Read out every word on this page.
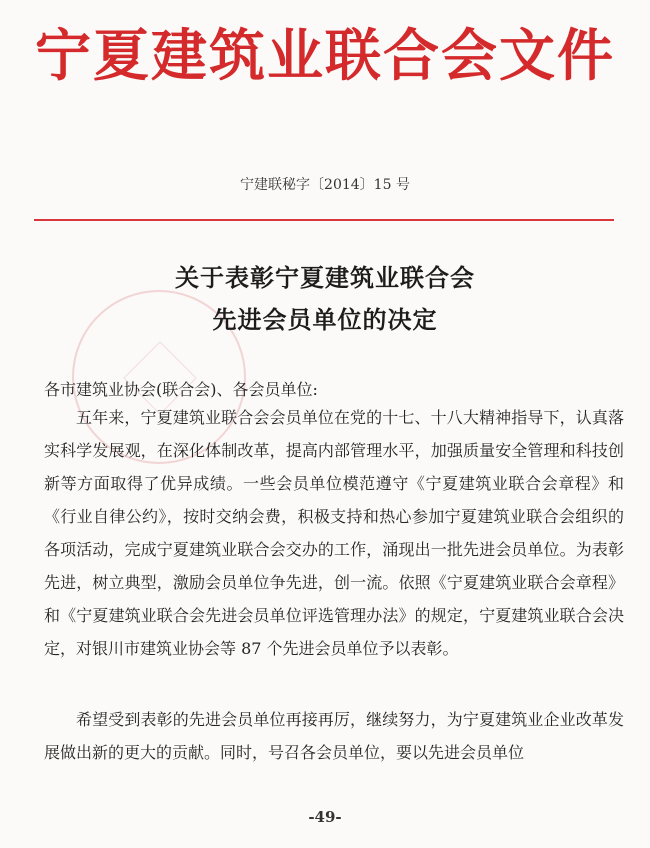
宁夏建筑业联合会文件
宁建联秘字〔2014〕15 号
关于表彰宁夏建筑业联合会
先进会员单位的决定
各市建筑业协会(联合会)、各会员单位:

五年来，宁夏建筑业联合会会员单位在党的十七、十八大精神指导下，认真落实科学发展观，在深化体制改革，提高内部管理水平，加强质量安全管理和科技创新等方面取得了优异成绩。一些会员单位模范遵守《宁夏建筑业联合会章程》和《行业自律公约》，按时交纳会费，积极支持和热心参加宁夏建筑业联合会组织的各项活动，完成宁夏建筑业联合会交办的工作，涌现出一批先进会员单位。为表彰先进，树立典型，激励会员单位争先进，创一流。依照《宁夏建筑业联合会章程》和《宁夏建筑业联合会先进会员单位评选管理办法》的规定，宁夏建筑业联合会决定，对银川市建筑业协会等 87 个先进会员单位予以表彰。

希望受到表彰的先进会员单位再接再厉，继续努力，为宁夏建筑业企业改革发展做出新的更大的贡献。同时，号召各会员单位，要以先进会员单位

-49-
